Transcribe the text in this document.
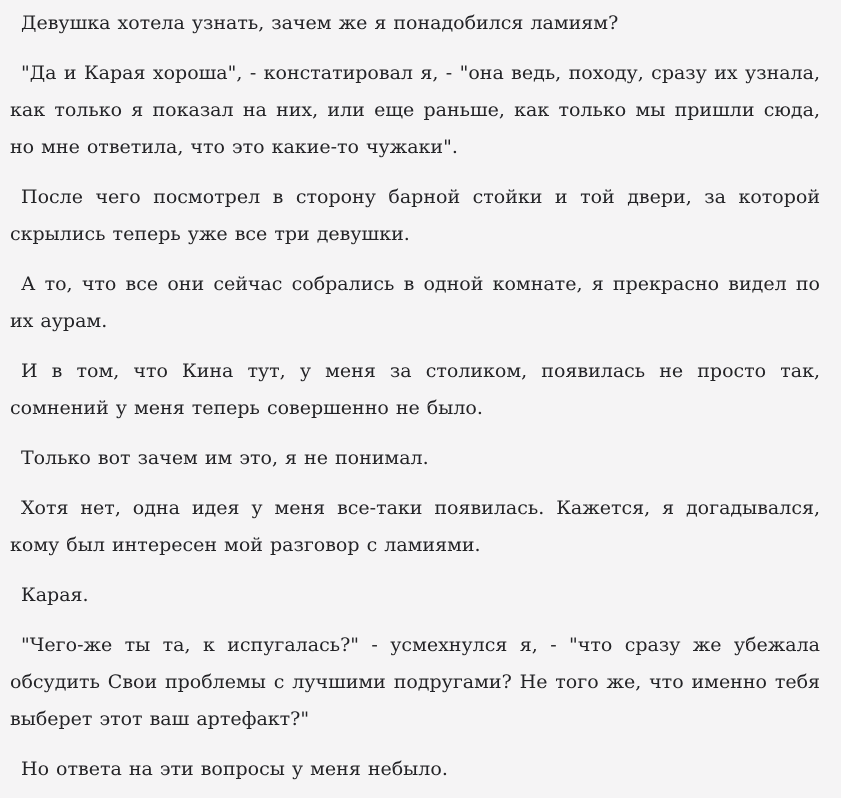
Девушка хотела узнать, зачем же я понадобился ламиям?

"Да и Карая хороша", - констатировал я, - "она ведь, походу, сразу их узнала, как только я показал на них, или еще раньше, как только мы пришли сюда, но мне ответила, что это какие-то чужаки".

После чего посмотрел в сторону барной стойки и той двери, за которой скрылись теперь уже все три девушки.

А то, что все они сейчас собрались в одной комнате, я прекрасно видел по их аурам.

И в том, что Кина тут, у меня за столиком, появилась не просто так, сомнений у меня теперь совершенно не было.

Только вот зачем им это, я не понимал.

Хотя нет, одна идея у меня все-таки появилась. Кажется, я догадывался, кому был интересен мой разговор с ламиями.

Карая.

"Чего-же ты та, к испугалась?" - усмехнулся я, - "что сразу же убежала обсудить Свои проблемы с лучшими подругами? Не того же, что именно тебя выберет этот ваш артефакт?"

Но ответа на эти вопросы у меня небыло.
